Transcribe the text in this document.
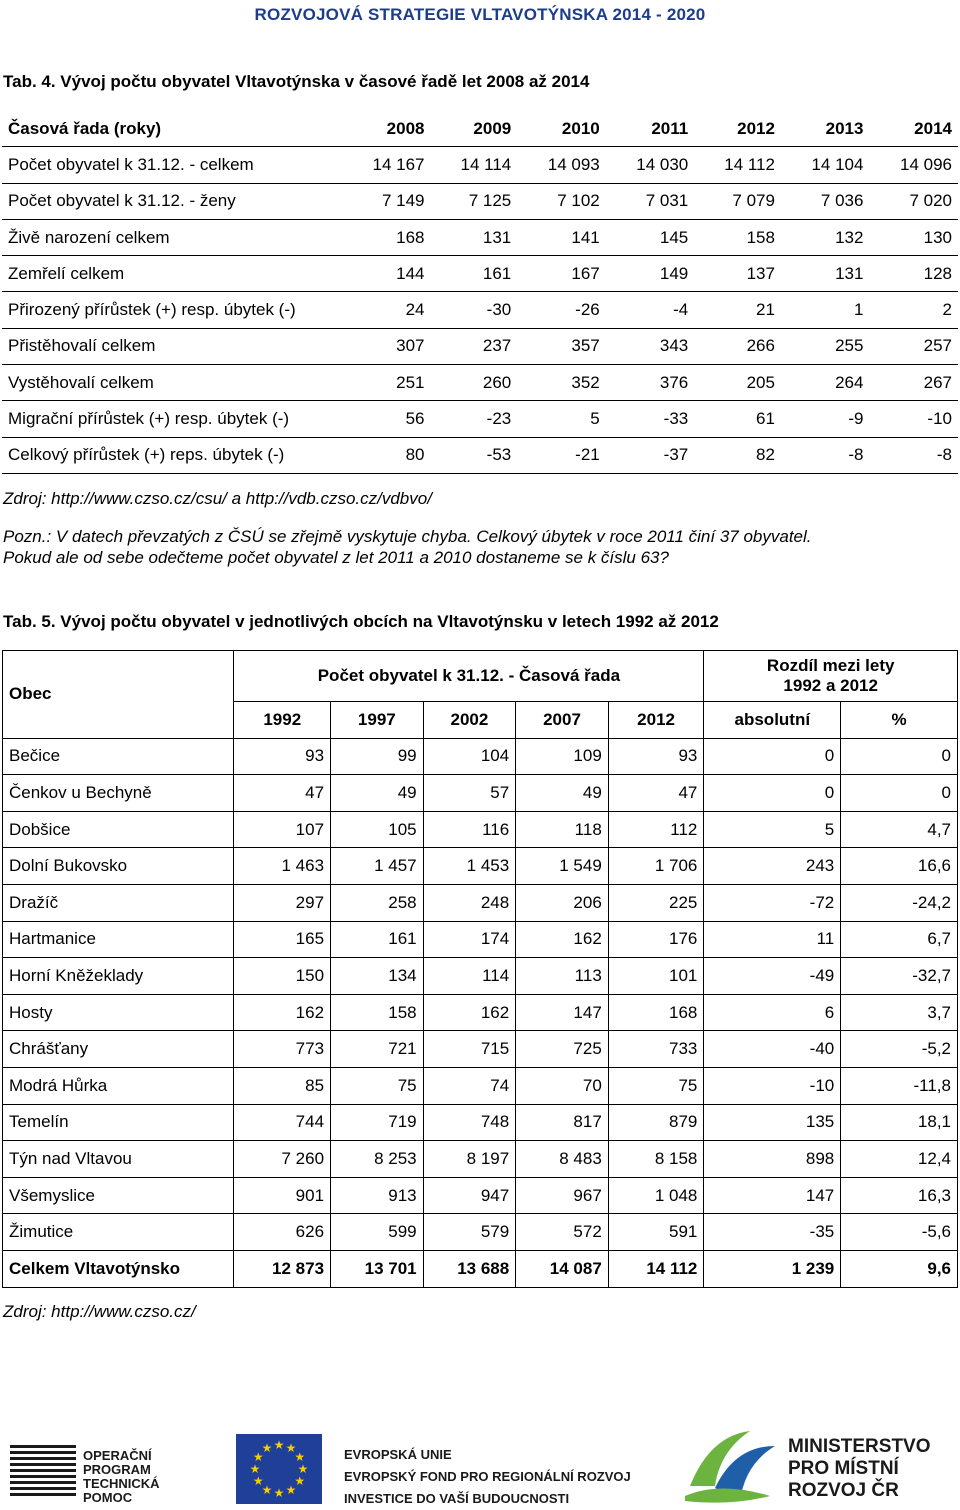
ROZVOJOVÁ STRATEGIE VLTAVOTÝNSKA 2014 - 2020
Tab. 4. Vývoj počtu obyvatel Vltavotýnska v časové řadě let 2008 až 2014
Časová řada (roky)	2008	2009	2010	2011	2012	2013	2014
Počet obyvatel k 31.12. - celkem	14 167	14 114	14 093	14 030	14 112	14 104	14 096
Počet obyvatel k 31.12. - ženy	7 149	7 125	7 102	7 031	7 079	7 036	7 020
Živě narození celkem	168	131	141	145	158	132	130
Zemřelí celkem	144	161	167	149	137	131	128
Přirozený přírůstek (+) resp. úbytek (-)	24	-30	-26	-4	21	1	2
Přistěhovalí celkem	307	237	357	343	266	255	257
Vystěhovalí celkem	251	260	352	376	205	264	267
Migrační přírůstek (+) resp. úbytek (-)	56	-23	5	-33	61	-9	-10
Celkový přírůstek (+) reps. úbytek (-)	80	-53	-21	-37	82	-8	-8
Zdroj: http://www.czso.cz/csu/ a http://vdb.czso.cz/vdbvo/
Pozn.: V datech převzatých z ČSÚ se zřejmě vyskytuje chyba. Celkový úbytek v roce 2011 činí 37 obyvatel.
Pokud ale od sebe odečteme počet obyvatel z let 2011 a 2010 dostaneme se k číslu 63?
Tab. 5. Vývoj počtu obyvatel v jednotlivých obcích na Vltavotýnsku v letech 1992 až 2012
Obec	Počet obyvatel k 31.12. - Časová řada					Rozdíl mezi lety
1992 a 2012	

	1992	1997	2002	2007	2012	absolutní	%
Bečice	93	99	104	109	93	0	0
Čenkov u Bechyně	47	49	57	49	47	0	0
Dobšice	107	105	116	118	112	5	4,7
Dolní Bukovsko	1 463	1 457	1 453	1 549	1 706	243	16,6
Dražíč	297	258	248	206	225	-72	-24,2
Hartmanice	165	161	174	162	176	11	6,7
Horní Kněžeklady	150	134	114	113	101	-49	-32,7
Hosty	162	158	162	147	168	6	3,7
Chrášťany	773	721	715	725	733	-40	-5,2
Modrá Hůrka	85	75	74	70	75	-10	-11,8
Temelín	744	719	748	817	879	135	18,1
Týn nad Vltavou	7 260	8 253	8 197	8 483	8 158	898	12,4
Všemyslice	901	913	947	967	1 048	147	16,3
Žimutice	626	599	579	572	591	-35	-5,6
Celkem Vltavotýnsko	12 873	13 701	13 688	14 087	14 112	1 239	9,6
Zdroj: http://www.czso.cz/
OPERAČNÍ
PROGRAM
TECHNICKÁ
POMOC
★
★
★
★
★
★
★
★
★ ★ ★
★	EVROPSKÁ UNIE
EVROPSKÝ FOND PRO REGIONÁLNÍ ROZVOJ
INVESTICE DO VAŠÍ BUDOUCNOSTI
MINISTERSTVO
PRO MÍSTNÍ
ROZVOJ ČR
